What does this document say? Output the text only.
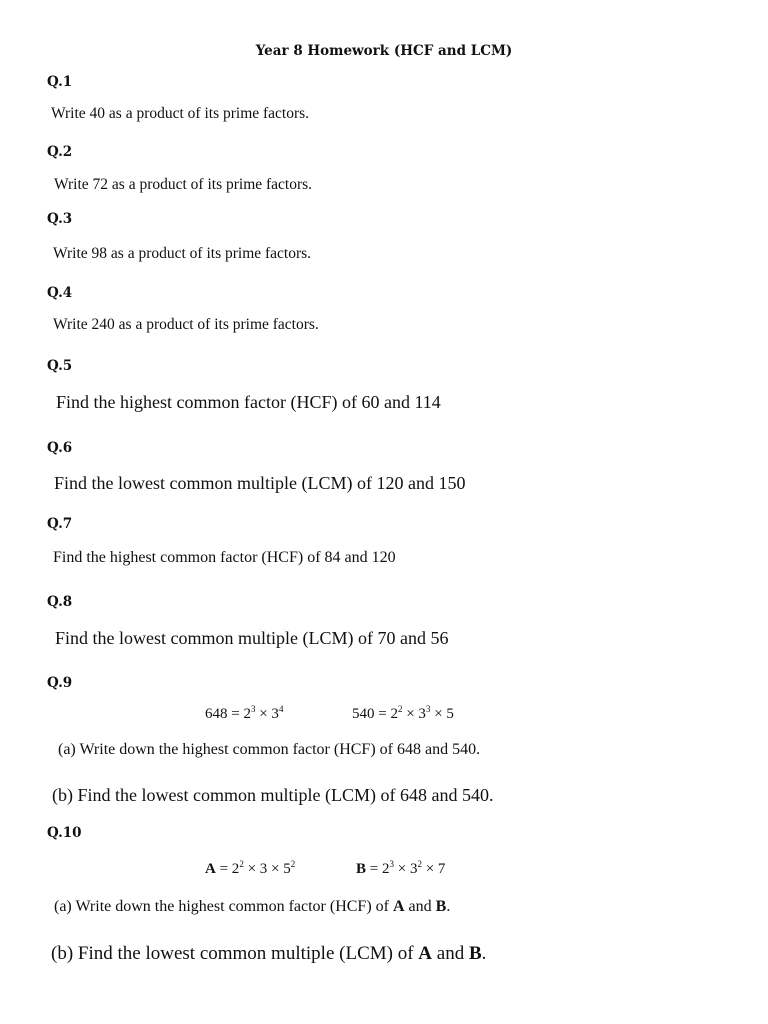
Year 8 Homework (HCF and LCM)
Q.1
Write 40 as a product of its prime factors.
Q.2
Write 72 as a product of its prime factors.
Q.3
Write 98 as a product of its prime factors.
Q.4
Write 240 as a product of its prime factors.
Q.5
Find the highest common factor (HCF) of 60 and 114
Q.6
Find the lowest common multiple (LCM) of 120 and 150
Q.7
Find the highest common factor (HCF) of 84 and 120
Q.8
Find the lowest common multiple (LCM) of 70 and 56
Q.9
$648 = 2^3 \times 3^4$	$540 = 2^2 \times 3^3 \times 5$
(a) Write down the highest common factor (HCF) of 648 and 540.
(b) Find the lowest common multiple (LCM) of 648 and 540.
Q.10
$A = 2^2 \times 3 \times 5^2$	$B = 2^3 \times 3^2 \times 7$
(a) Write down the highest common factor (HCF) of A and B.
(b) Find the lowest common multiple (LCM) of A and B.
